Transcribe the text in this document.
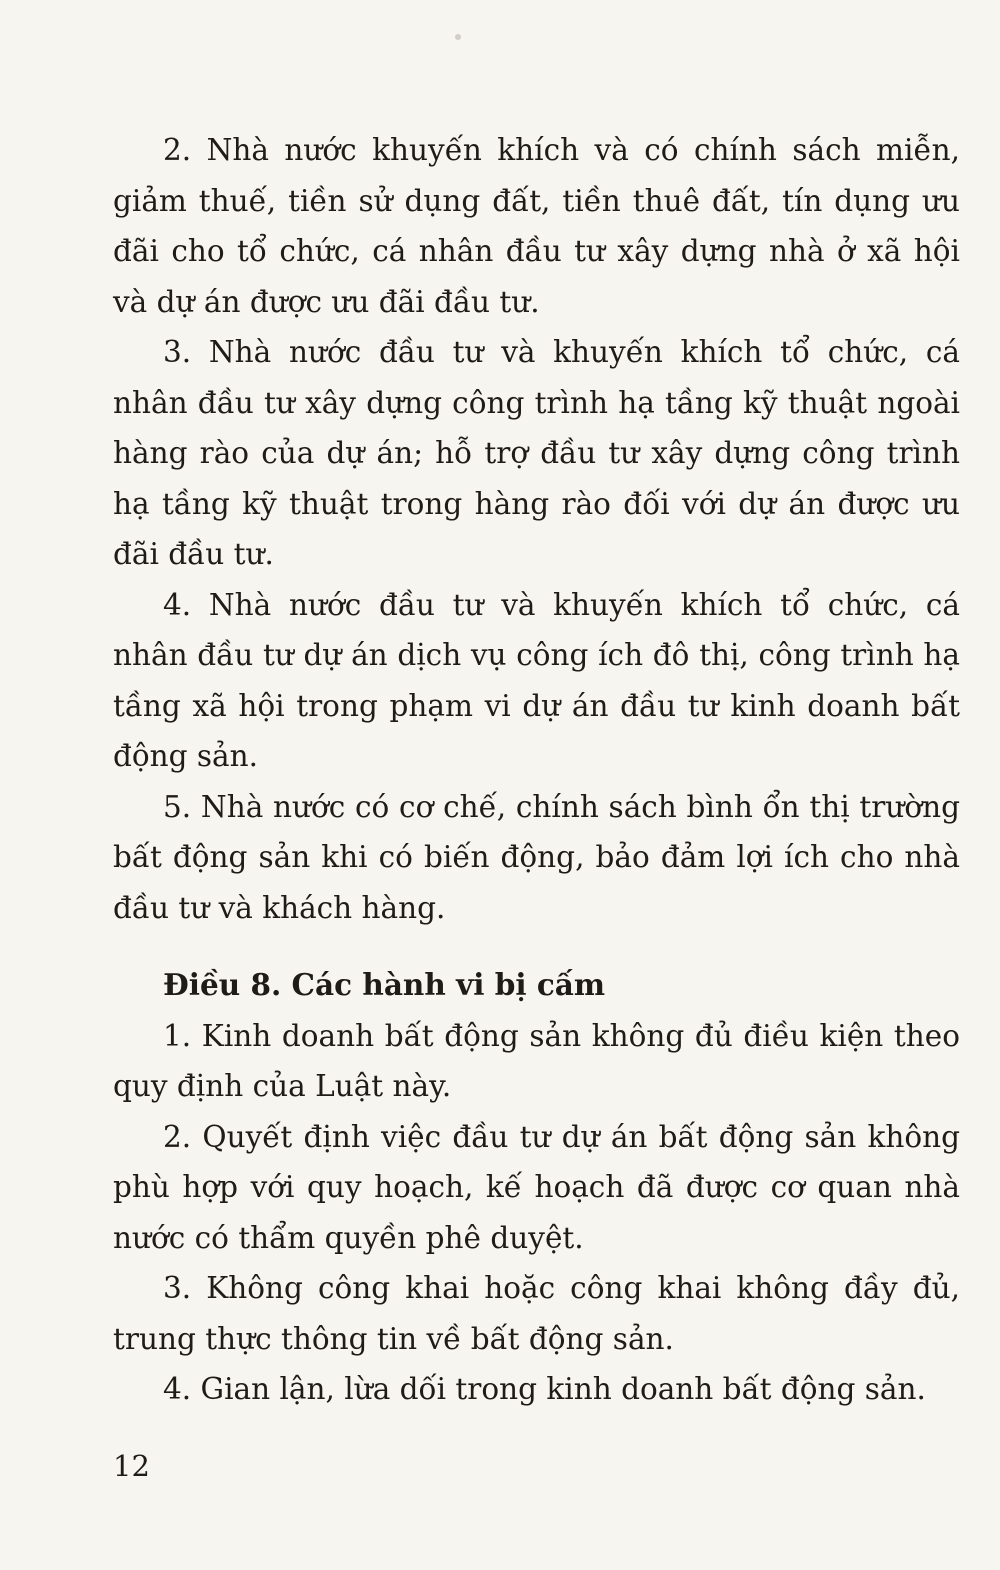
2. Nhà nước khuyến khích và có chính sách miễn, giảm thuế, tiền sử dụng đất, tiền thuê đất, tín dụng ưu đãi cho tổ chức, cá nhân đầu tư xây dựng nhà ở xã hội và dự án được ưu đãi đầu tư.

3. Nhà nước đầu tư và khuyến khích tổ chức, cá nhân đầu tư xây dựng công trình hạ tầng kỹ thuật ngoài hàng rào của dự án; hỗ trợ đầu tư xây dựng công trình hạ tầng kỹ thuật trong hàng rào đối với dự án được ưu đãi đầu tư.

4. Nhà nước đầu tư và khuyến khích tổ chức, cá nhân đầu tư dự án dịch vụ công ích đô thị, công trình hạ tầng xã hội trong phạm vi dự án đầu tư kinh doanh bất động sản.

5. Nhà nước có cơ chế, chính sách bình ổn thị trường bất động sản khi có biến động, bảo đảm lợi ích cho nhà đầu tư và khách hàng.

Điều 8. Các hành vi bị cấm

1. Kinh doanh bất động sản không đủ điều kiện theo quy định của Luật này.

2. Quyết định việc đầu tư dự án bất động sản không phù hợp với quy hoạch, kế hoạch đã được cơ quan nhà nước có thẩm quyền phê duyệt.

3. Không công khai hoặc công khai không đầy đủ, trung thực thông tin về bất động sản.

4. Gian lận, lừa dối trong kinh doanh bất động sản.

12
